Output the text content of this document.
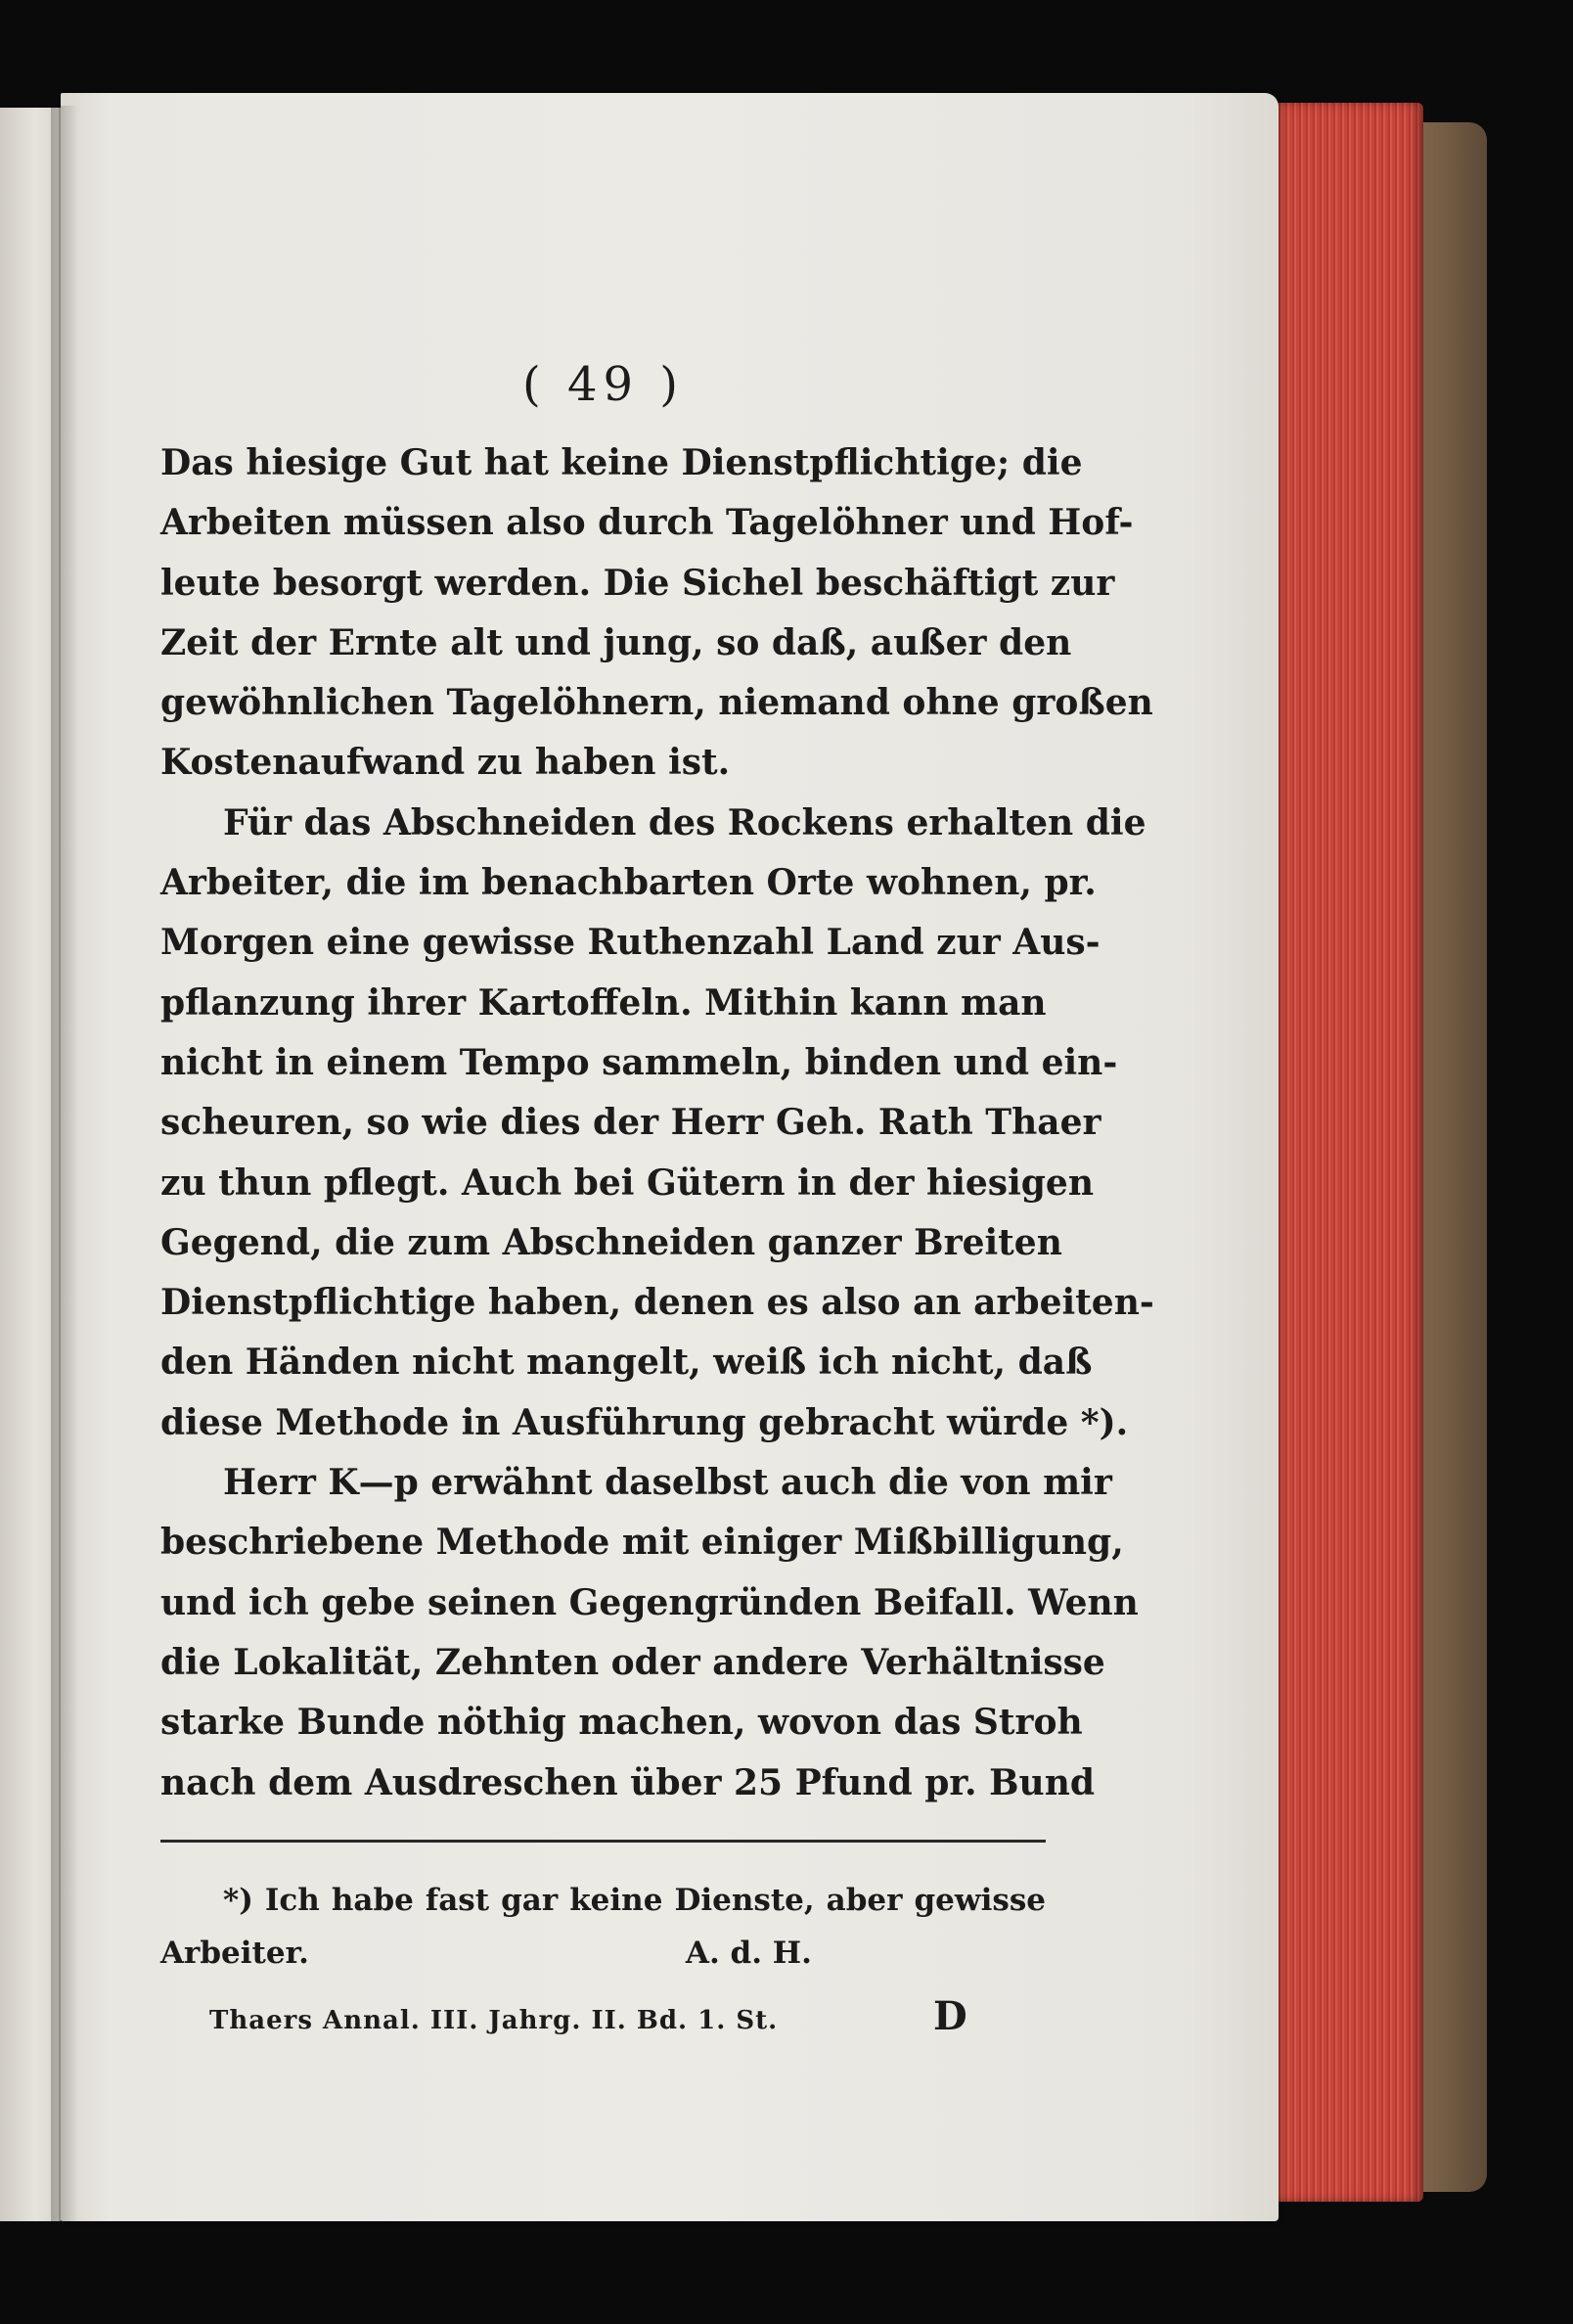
( 49 )
Das hiesige Gut hat keine Dienstpflichtige; die
Arbeiten müssen also durch Tagelöhner und Hof-
leute besorgt werden. Die Sichel beschäftigt zur
Zeit der Ernte alt und jung, so daß, außer den
gewöhnlichen Tagelöhnern, niemand ohne großen
Kostenaufwand zu haben ist.
Für das Abschneiden des Rockens erhalten die
Arbeiter, die im benachbarten Orte wohnen, pr.
Morgen eine gewisse Ruthenzahl Land zur Aus-
pflanzung ihrer Kartoffeln. Mithin kann man
nicht in einem Tempo sammeln, binden und ein-
scheuren, so wie dies der Herr Geh. Rath Thaer
zu thun pflegt. Auch bei Gütern in der hiesigen
Gegend, die zum Abschneiden ganzer Breiten
Dienstpflichtige haben, denen es also an arbeiten-
den Händen nicht mangelt, weiß ich nicht, daß
diese Methode in Ausführung gebracht würde *).
Herr K—p erwähnt daselbst auch die von mir
beschriebene Methode mit einiger Mißbilligung,
und ich gebe seinen Gegengründen Beifall. Wenn
die Lokalität, Zehnten oder andere Verhältnisse
starke Bunde nöthig machen, wovon das Stroh
nach dem Ausdreschen über 25 Pfund pr. Bund
*) Ich habe fast gar keine Dienste, aber gewisse
Arbeiter.	A. d. H.
Thaers Annal. III. Jahrg. II. Bd. 1. St.	D
